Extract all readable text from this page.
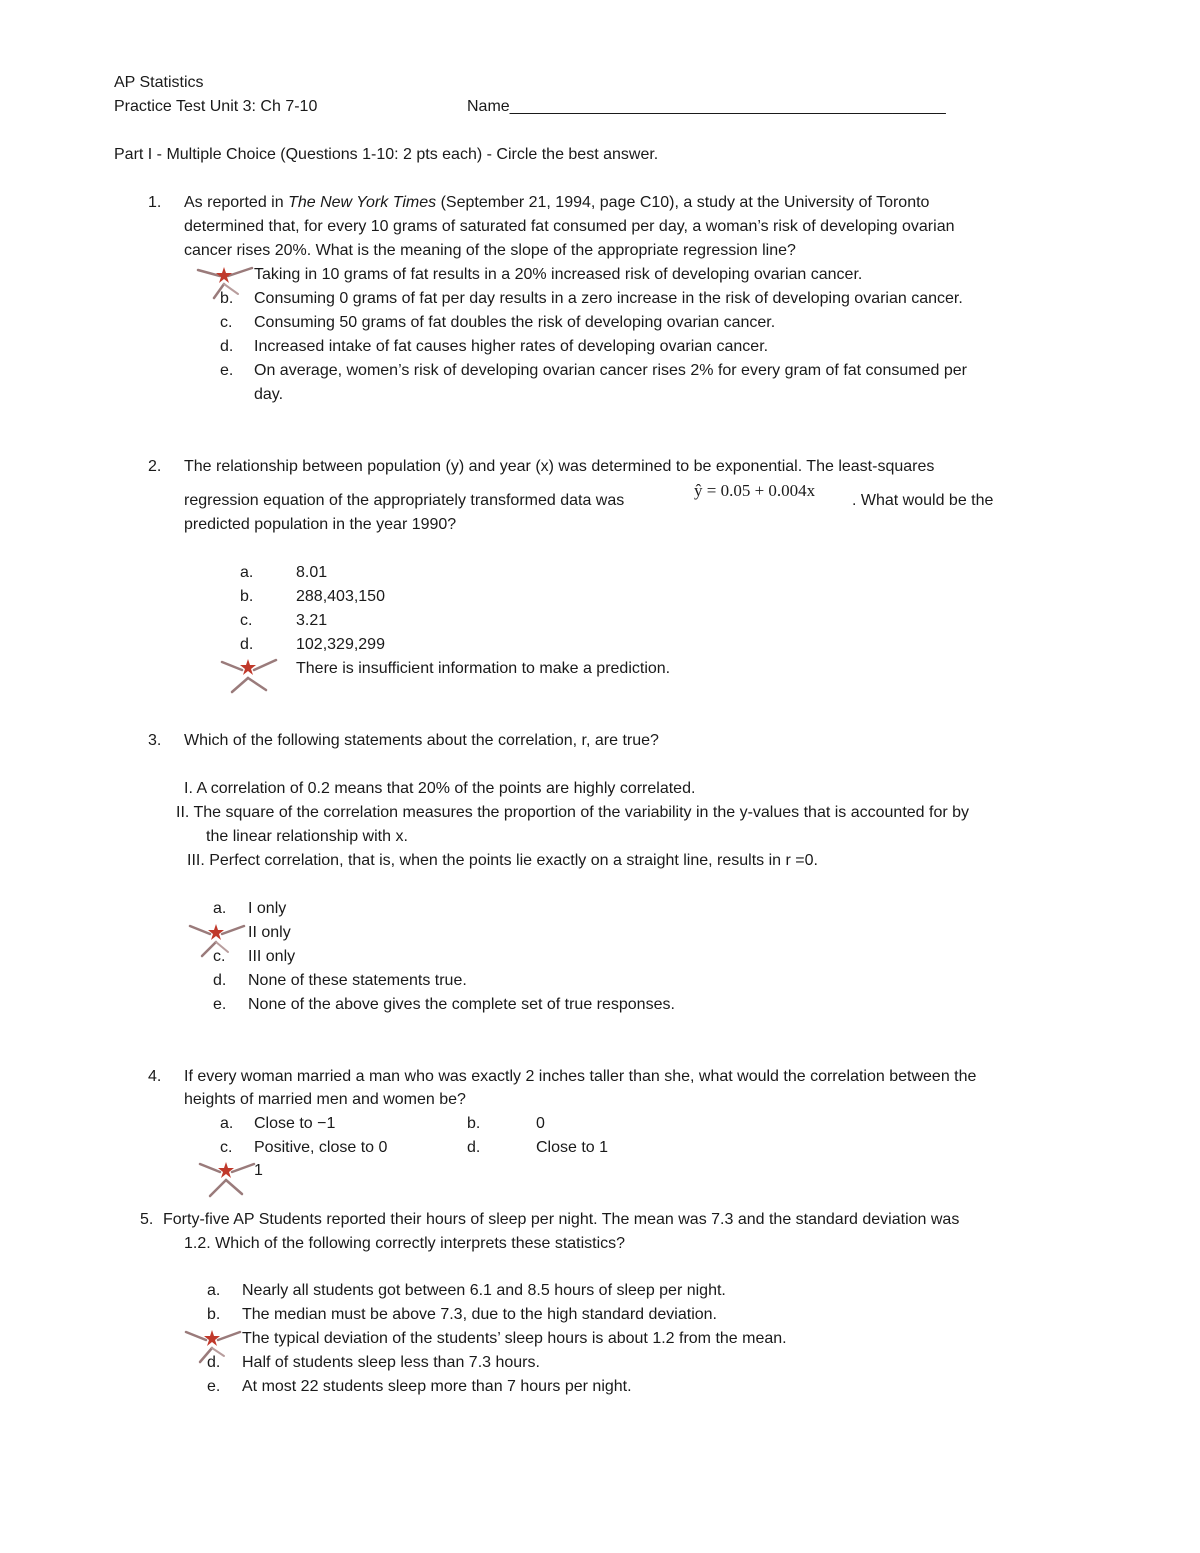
AP Statistics
Practice Test Unit 3: Ch 7-10	Name_________________________________________________
Part I - Multiple Choice (Questions 1-10: 2 pts each) - Circle the best answer.
1. As reported in The New York Times (September 21, 1994, page C10), a study at the University of Toronto
determined that, for every 10 grams of saturated fat consumed per day, a woman’s risk of developing ovarian
cancer rises 20%. What is the meaning of the slope of the appropriate regression line?
Taking in 10 grams of fat results in a 20% increased risk of developing ovarian cancer.
b. Consuming 0 grams of fat per day results in a zero increase in the risk of developing ovarian cancer.
c. Consuming 50 grams of fat doubles the risk of developing ovarian cancer.
d. Increased intake of fat causes higher rates of developing ovarian cancer.
e. On average, women’s risk of developing ovarian cancer rises 2% for every gram of fat consumed per
day.
2. The relationship between population (y) and year (x) was determined to be exponential. The least-squares
regression equation of the appropriately transformed data was
ŷ = 0.05 + 0.004x
. What would be the
predicted population in the year 1990?
a.	8.01
b.	288,403,150
c.	3.21
d.	102,329,299
There is insufficient information to make a prediction.
3. Which of the following statements about the correlation, r, are true?
I. A correlation of 0.2 means that 20% of the points are highly correlated.
II. The square of the correlation measures the proportion of the variability in the y-values that is accounted for by
the linear relationship with x.
III. Perfect correlation, that is, when the points lie exactly on a straight line, results in r =0.
a. I only
II only
c. III only
d. None of these statements true.
e. None of the above gives the complete set of true responses.
4. If every woman married a man who was exactly 2 inches taller than she, what would the correlation between the
heights of married men and women be?
a. Close to −1	b.	0
c. Positive, close to 0	d.	Close to 1
1
5. Forty-five AP Students reported their hours of sleep per night. The mean was 7.3 and the standard deviation was
1.2. Which of the following correctly interprets these statistics?
a. Nearly all students got between 6.1 and 8.5 hours of sleep per night.
b. The median must be above 7.3, due to the high standard deviation.
The typical deviation of the students’ sleep hours is about 1.2 from the mean.
d. Half of students sleep less than 7.3 hours.
e. At most 22 students sleep more than 7 hours per night.
